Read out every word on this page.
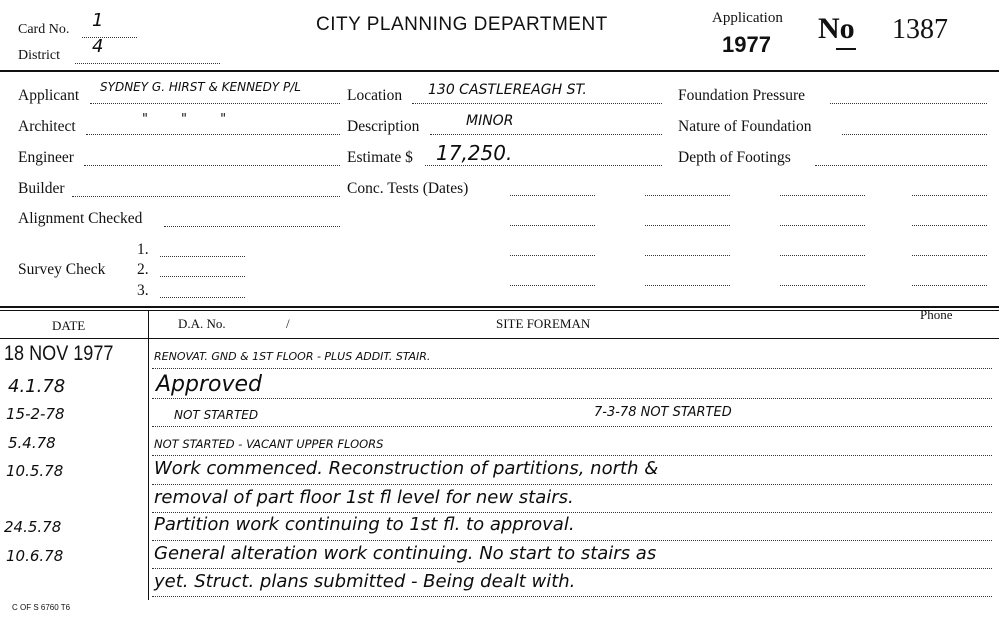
Card No. 1
District 4
CITY PLANNING DEPARTMENT	Application
1977 No 1387
Applicant SYDNEY G. HIRST & KENNEDY P/L
Architect	"        "        "
Engineer
Builder
Alignment Checked
Survey Check
1.
2.
3.
Location 130 CASTLEREAGH ST.
Description	MINOR
Estimate $ 17,250.
Conc. Tests (Dates)
Foundation Pressure
Nature of Foundation
Depth of Footings
DATE	D.A. No.	/	SITE FOREMAN
Phone
18 NOV 1977	RENOVAT. GND & 1ST FLOOR - PLUS ADDIT. STAIR.
4.1.78	Approved
15-2-78	NOT STARTED	7-3-78 NOT STARTED
5.4.78	NOT STARTED - VACANT UPPER FLOORS
10.5.78	Work commenced. Reconstruction of partitions, north &
removal of part floor 1st fl level for new stairs.
24.5.78	Partition work continuing to 1st fl. to approval.
10.6.78	General alteration work continuing. No start to stairs as
yet. Struct. plans submitted - Being dealt with.
C OF S 6760 T6
